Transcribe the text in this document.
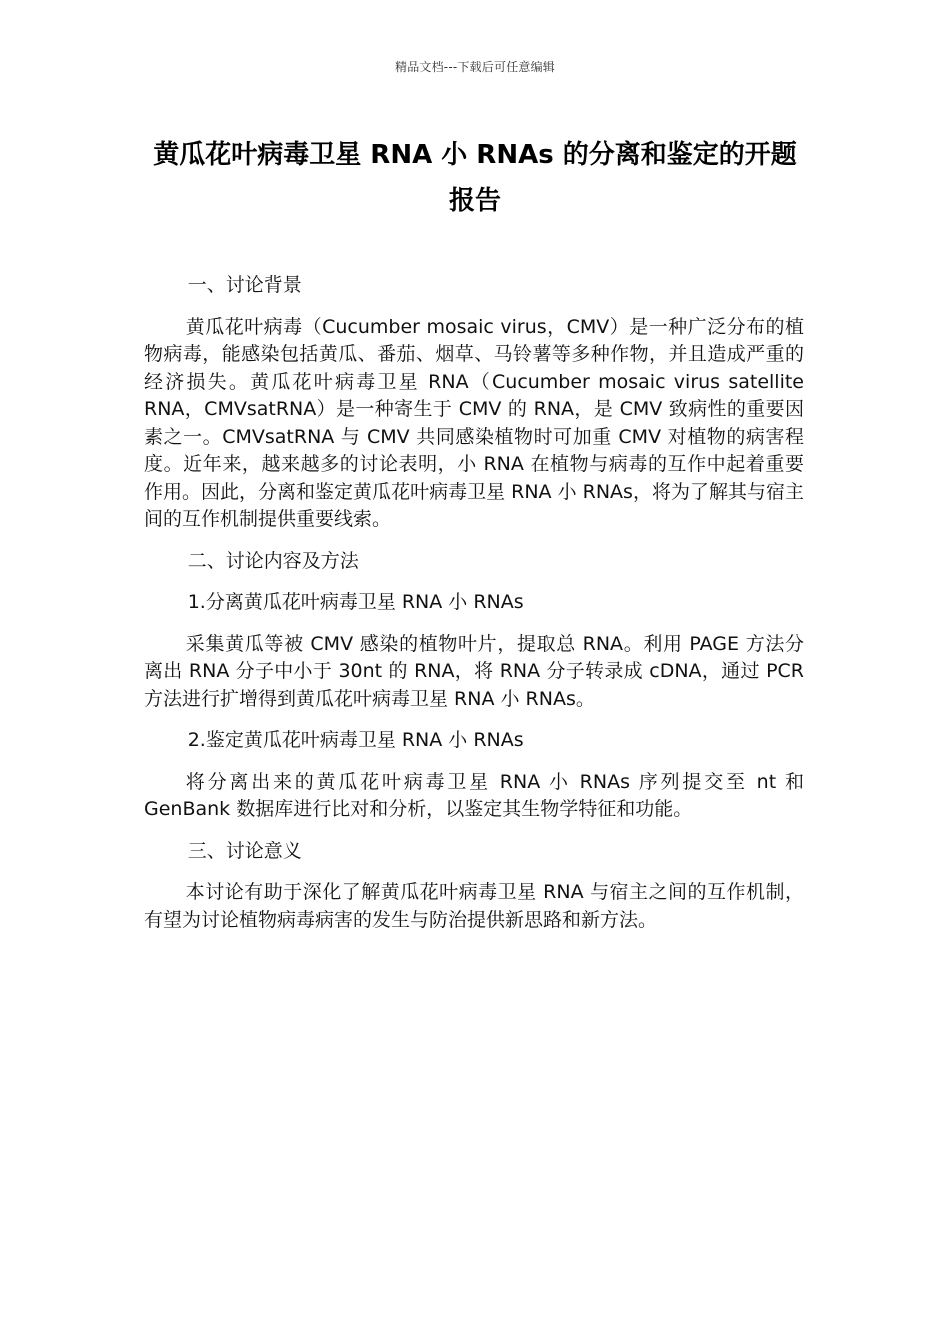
精品文档---下载后可任意编辑
黄瓜花叶病毒卫星 RNA 小 RNAs 的分离和鉴定的开题报告

一、讨论背景

黄瓜花叶病毒（Cucumber mosaic virus，CMV）是一种广泛分布的植物病毒，能感染包括黄瓜、番茄、烟草、马铃薯等多种作物，并且造成严重的经济损失。黄瓜花叶病毒卫星 RNA（Cucumber mosaic virus satellite RNA，CMVsatRNA）是一种寄生于 CMV 的 RNA，是 CMV 致病性的重要因素之一。CMVsatRNA 与 CMV 共同感染植物时可加重 CMV 对植物的病害程度。近年来，越来越多的讨论表明，小 RNA 在植物与病毒的互作中起着重要作用。因此，分离和鉴定黄瓜花叶病毒卫星 RNA 小 RNAs，将为了解其与宿主间的互作机制提供重要线索。

二、讨论内容及方法

1.分离黄瓜花叶病毒卫星 RNA 小 RNAs

采集黄瓜等被 CMV 感染的植物叶片，提取总 RNA。利用 PAGE 方法分离出 RNA 分子中小于 30nt 的 RNA，将 RNA 分子转录成 cDNA，通过 PCR 方法进行扩增得到黄瓜花叶病毒卫星 RNA 小 RNAs。

2.鉴定黄瓜花叶病毒卫星 RNA 小 RNAs

将分离出来的黄瓜花叶病毒卫星 RNA 小 RNAs 序列提交至 nt 和 GenBank 数据库进行比对和分析，以鉴定其生物学特征和功能。

三、讨论意义

本讨论有助于深化了解黄瓜花叶病毒卫星 RNA 与宿主之间的互作机制，有望为讨论植物病毒病害的发生与防治提供新思路和新方法。
